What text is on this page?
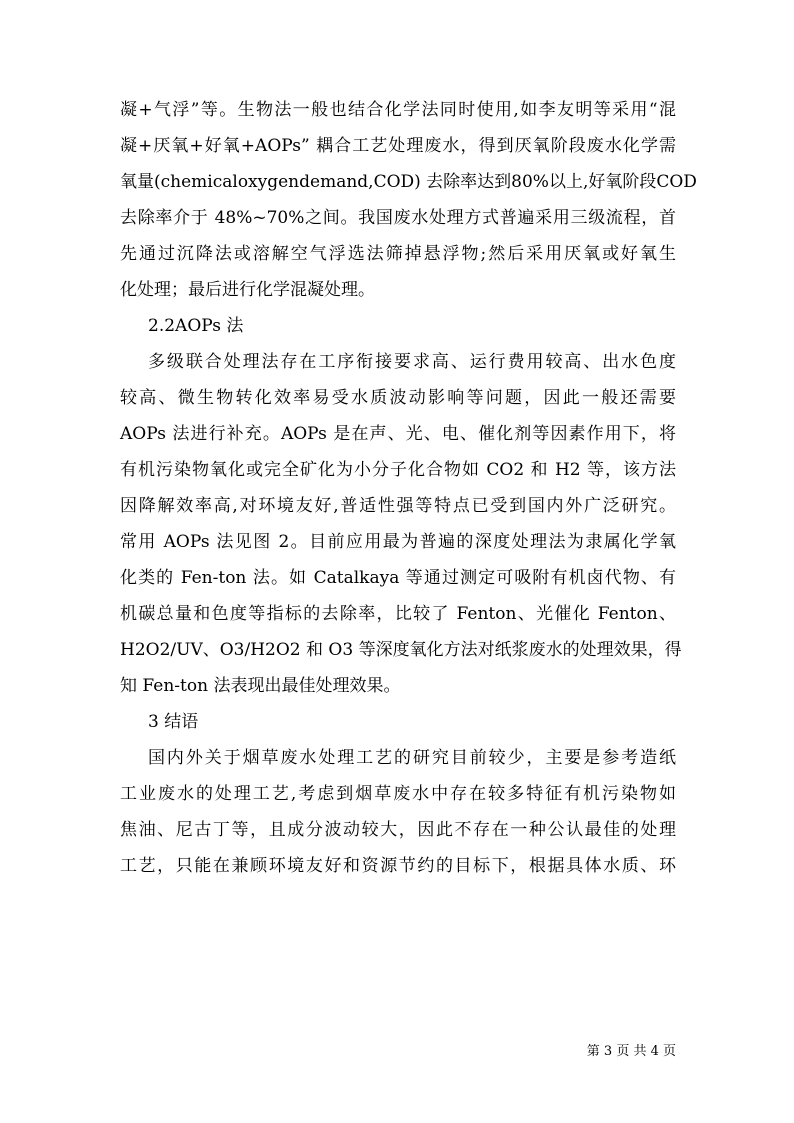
凝+气浮”等。生物法一般也结合化学法同时使用,如李友明等采用“混
凝+厌氧+好氧+AOPs” 耦合工艺处理废水，得到厌氧阶段废水化学需
氧量(chemicaloxygendemand,COD) 去除率达到80%以上,好氧阶段COD
去除率介于 48%~70%之间。我国废水处理方式普遍采用三级流程，首
先通过沉降法或溶解空气浮选法筛掉悬浮物;然后采用厌氧或好氧生
化处理；最后进行化学混凝处理。
2.2AOPs 法
多级联合处理法存在工序衔接要求高、运行费用较高、出水色度
较高、微生物转化效率易受水质波动影响等问题，因此一般还需要
AOPs 法进行补充。AOPs 是在声、光、电、催化剂等因素作用下，将
有机污染物氧化或完全矿化为小分子化合物如 CO2 和 H2 等，该方法
因降解效率高,对环境友好,普适性强等特点已受到国内外广泛研究。
常用 AOPs 法见图 2。目前应用最为普遍的深度处理法为隶属化学氧
化类的 Fen-ton 法。如 Catalkaya 等通过测定可吸附有机卤代物、有
机碳总量和色度等指标的去除率，比较了 Fenton、光催化 Fenton、
H2O2/UV、O3/H2O2 和 O3 等深度氧化方法对纸浆废水的处理效果，得
知 Fen-ton 法表现出最佳处理效果。
3 结语
国内外关于烟草废水处理工艺的研究目前较少，主要是参考造纸
工业废水的处理工艺,考虑到烟草废水中存在较多特征有机污染物如
焦油、尼古丁等，且成分波动较大，因此不存在一种公认最佳的处理
工艺，只能在兼顾环境友好和资源节约的目标下，根据具体水质、环
第 3 页 共 4 页
